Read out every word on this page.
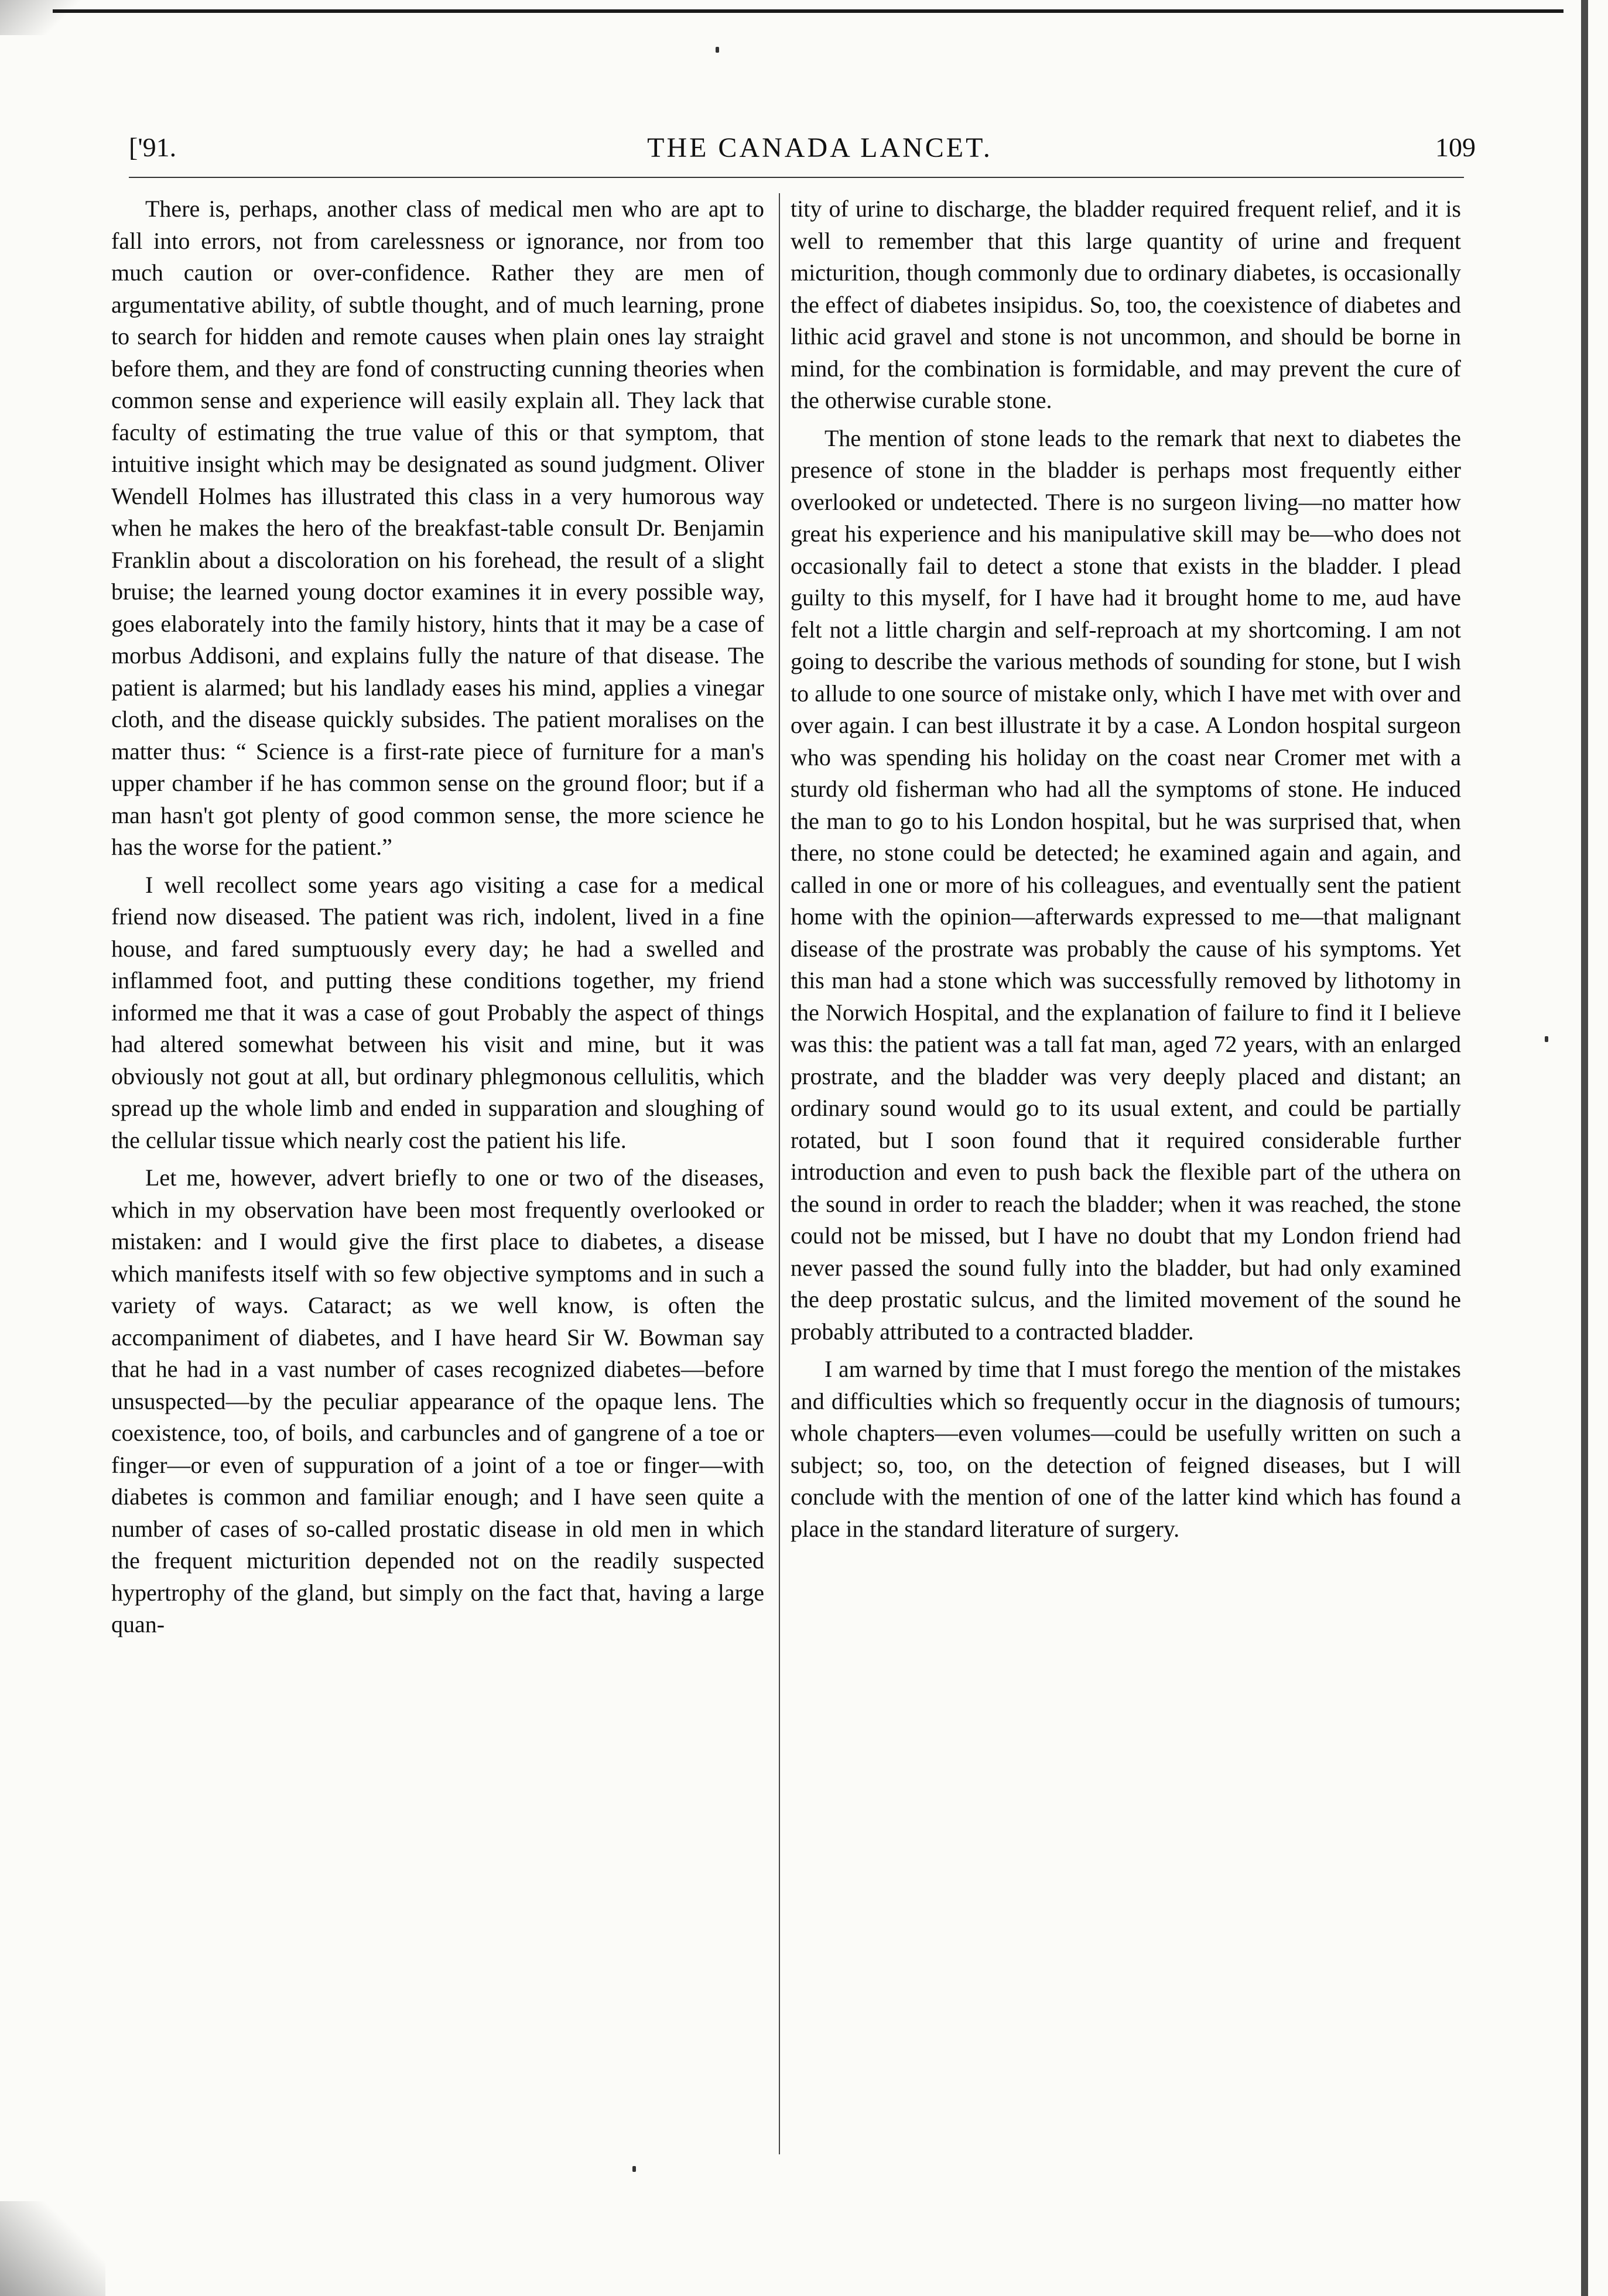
['91.	THE CANADA LANCET.	109

There is, perhaps, another class of medical men who are apt to fall into errors, not from carelessness or ignorance, nor from too much caution or over-confidence. Rather they are men of argumentative ability, of subtle thought, and of much learning, prone to search for hidden and remote causes when plain ones lay straight before them, and they are fond of constructing cunning theories when common sense and experience will easily explain all. They lack that faculty of estimating the true value of this or that symptom, that intuitive insight which may be designated as sound judgment. Oliver Wendell Holmes has illustrated this class in a very humorous way when he makes the hero of the breakfast-table consult Dr. Benjamin Franklin about a discoloration on his forehead, the result of a slight bruise; the learned young doctor examines it in every possible way, goes elaborately into the family history, hints that it may be a case of morbus Addisoni, and explains fully the nature of that disease. The patient is alarmed; but his landlady eases his mind, applies a vinegar cloth, and the disease quickly subsides. The patient moralises on the matter thus: “ Science is a first-rate piece of furniture for a man's upper chamber if he has common sense on the ground floor; but if a man hasn't got plenty of good common sense, the more science he has the worse for the patient.”

I well recollect some years ago visiting a case for a medical friend now diseased. The patient was rich, indolent, lived in a fine house, and fared sumptuously every day; he had a swelled and inflammed foot, and putting these conditions together, my friend informed me that it was a case of gout Probably the aspect of things had altered somewhat between his visit and mine, but it was obviously not gout at all, but ordinary phlegmonous cellulitis, which spread up the whole limb and ended in supparation and sloughing of the cellular tissue which nearly cost the patient his life.

Let me, however, advert briefly to one or two of the diseases, which in my observation have been most frequently overlooked or mistaken: and I would give the first place to diabetes, a disease which manifests itself with so few objective symptoms and in such a variety of ways. Cataract; as we well know, is often the accompaniment of diabetes, and I have heard Sir W. Bowman say that he had in a vast number of cases recognized diabetes—before unsuspected—by the peculiar appearance of the opaque lens. The coexistence, too, of boils, and carbuncles and of gangrene of a toe or finger—or even of suppuration of a joint of a toe or finger—with diabetes is common and familiar enough; and I have seen quite a number of cases of so-called prostatic disease in old men in which the frequent micturition depended not on the readily suspected hypertrophy of the gland, but simply on the fact that, having a large quan-

tity of urine to discharge, the bladder required frequent relief, and it is well to remember that this large quantity of urine and frequent micturition, though commonly due to ordinary diabetes, is occasionally the effect of diabetes insipidus. So, too, the coexistence of diabetes and lithic acid gravel and stone is not uncommon, and should be borne in mind, for the combination is formidable, and may prevent the cure of the otherwise curable stone.

The mention of stone leads to the remark that next to diabetes the presence of stone in the bladder is perhaps most frequently either overlooked or undetected. There is no surgeon living—no matter how great his experience and his manipulative skill may be—who does not occasionally fail to detect a stone that exists in the bladder. I plead guilty to this myself, for I have had it brought home to me, aud have felt not a little chargin and self-reproach at my shortcoming. I am not going to describe the various methods of sounding for stone, but I wish to allude to one source of mistake only, which I have met with over and over again. I can best illustrate it by a case. A London hospital surgeon who was spending his holiday on the coast near Cromer met with a sturdy old fisherman who had all the symptoms of stone. He induced the man to go to his London hospital, but he was surprised that, when there, no stone could be detected; he examined again and again, and called in one or more of his colleagues, and eventually sent the patient home with the opinion—afterwards expressed to me—that malignant disease of the prostrate was probably the cause of his symptoms. Yet this man had a stone which was successfully removed by lithotomy in the Norwich Hospital, and the explanation of failure to find it I believe was this: the patient was a tall fat man, aged 72 years, with an enlarged prostrate, and the bladder was very deeply placed and distant; an ordinary sound would go to its usual extent, and could be partially rotated, but I soon found that it required considerable further introduction and even to push back the flexible part of the uthera on the sound in order to reach the bladder; when it was reached, the stone could not be missed, but I have no doubt that my London friend had never passed the sound fully into the bladder, but had only examined the deep prostatic sulcus, and the limited movement of the sound he probably attributed to a contracted bladder.

I am warned by time that I must forego the mention of the mistakes and difficulties which so frequently occur in the diagnosis of tumours; whole chapters—even volumes—could be usefully written on such a subject; so, too, on the detection of feigned diseases, but I will conclude with the mention of one of the latter kind which has found a place in the standard literature of surgery.
